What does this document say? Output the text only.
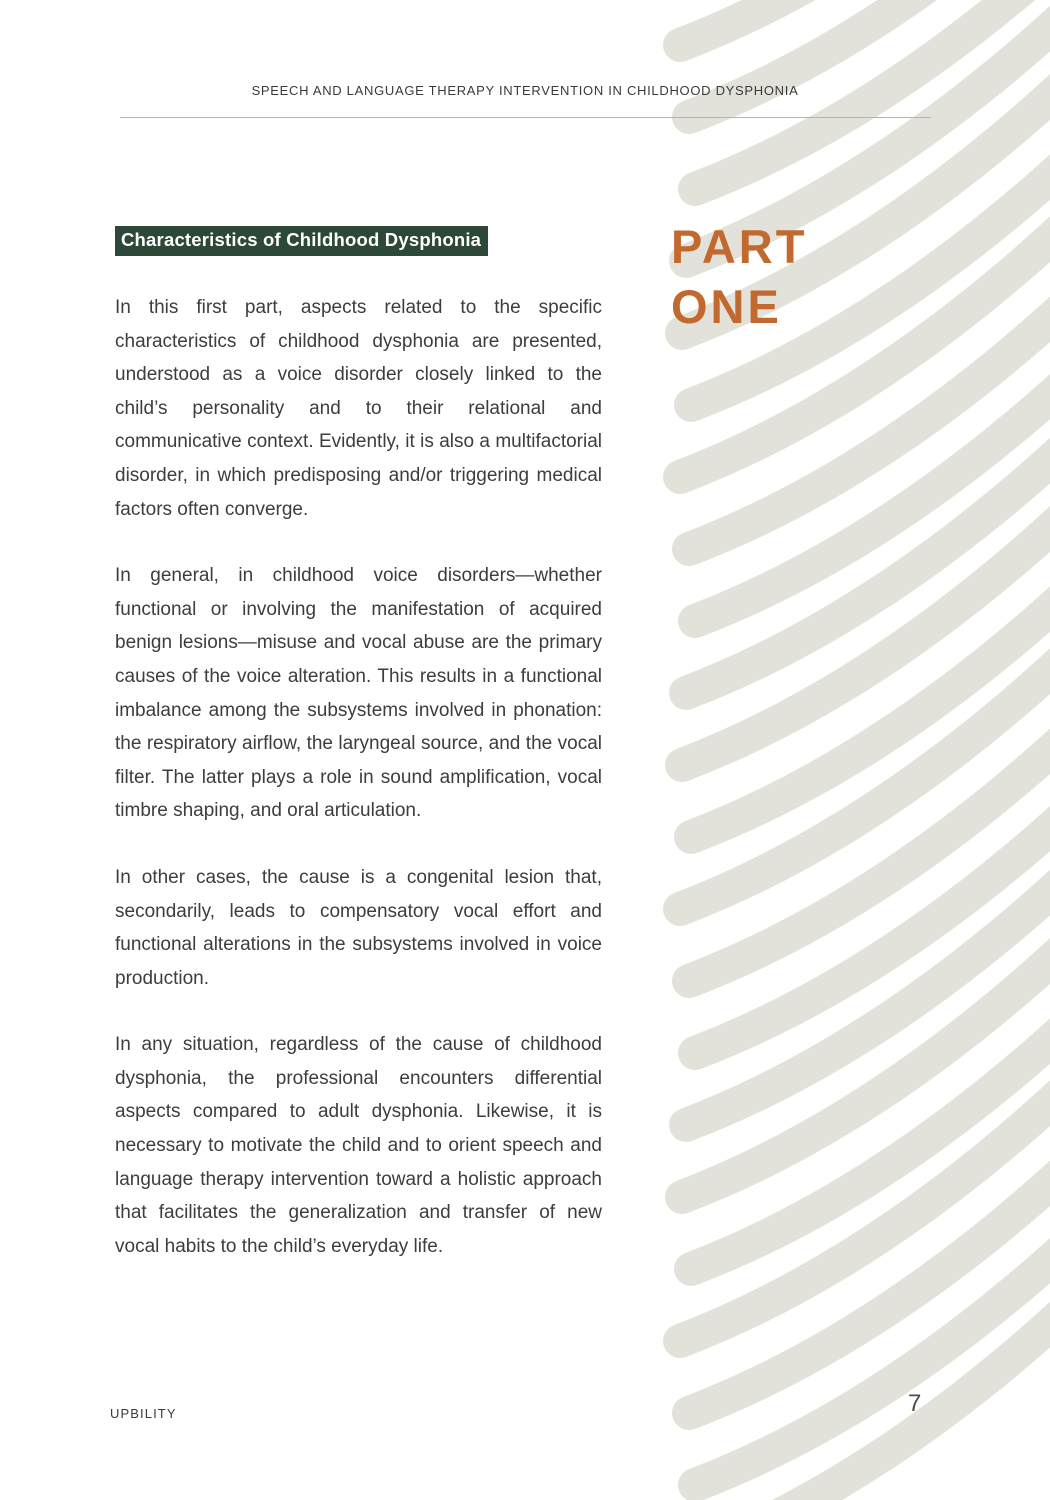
SPEECH AND LANGUAGE THERAPY INTERVENTION IN CHILDHOOD DYSPHONIA
Characteristics of Childhood Dysphonia	PART
ONE

In this first part, aspects related to the specific characteristics of childhood dysphonia are presented, understood as a voice disorder closely linked to the child’s personality and to their relational and communicative context. Evidently, it is also a multifactorial disorder, in which predisposing and/or triggering medical factors often converge.

In general, in childhood voice disorders—whether functional or involving the manifestation of acquired benign lesions—misuse and vocal abuse are the primary causes of the voice alteration. This results in a functional imbalance among the subsystems involved in phonation: the respiratory airflow, the laryngeal source, and the vocal filter. The latter plays a role in sound amplification, vocal timbre shaping, and oral articulation.

In other cases, the cause is a congenital lesion that, secondarily, leads to compensatory vocal effort and functional alterations in the subsystems involved in voice production.

In any situation, regardless of the cause of childhood dysphonia, the professional encounters differential aspects compared to adult dysphonia. Likewise, it is necessary to motivate the child and to orient speech and language therapy intervention toward a holistic approach that facilitates the generalization and transfer of new vocal habits to the child’s everyday life.

UPBILITY	7
